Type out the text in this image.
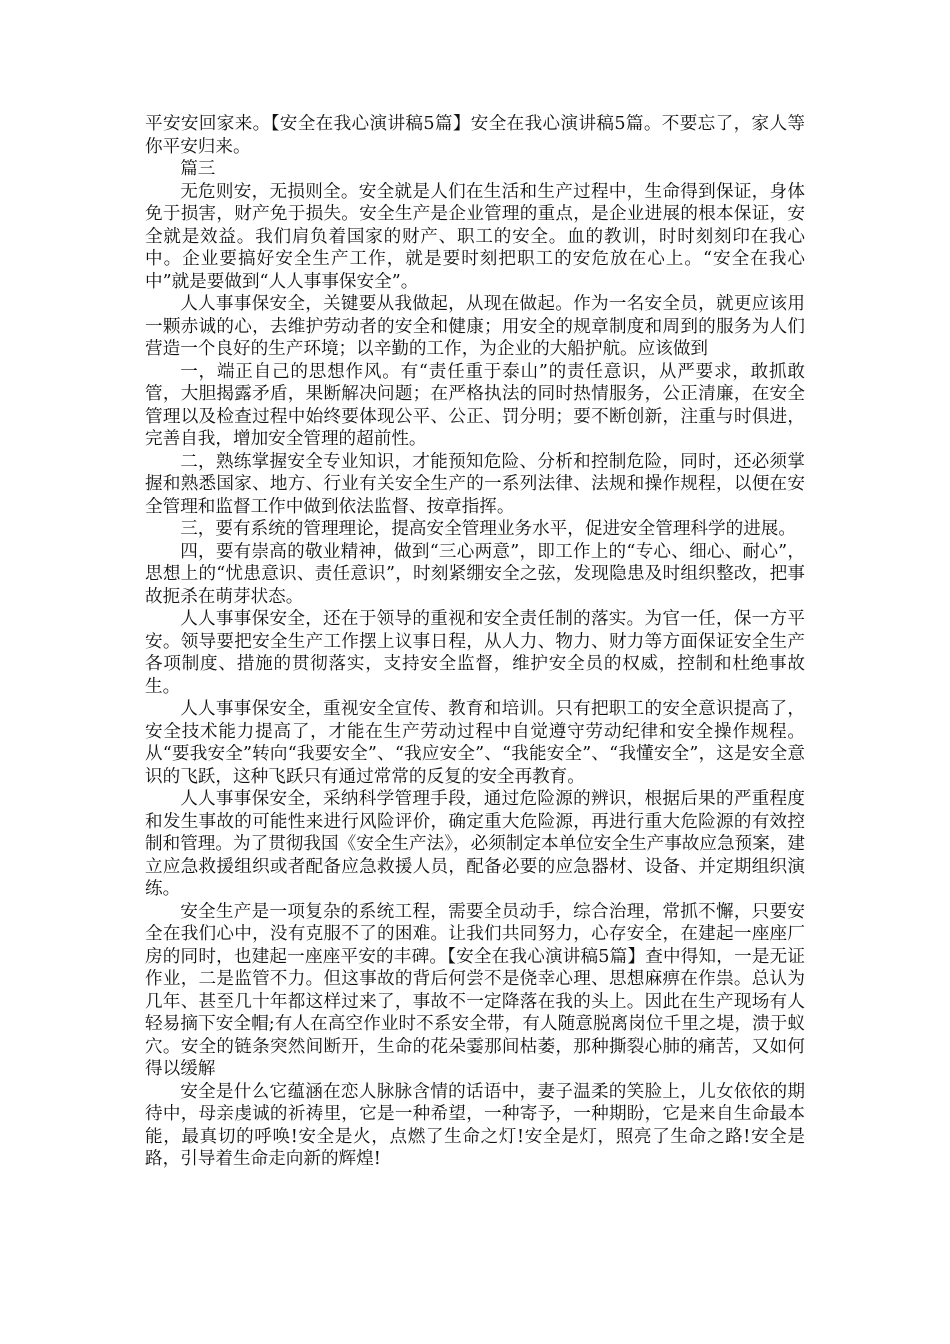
平安安回家来。【安全在我心演讲稿5篇】安全在我心演讲稿5篇。不要忘了，家人等你平安归来。

篇三

无危则安，无损则全。安全就是人们在生活和生产过程中，生命得到保证，身体免于损害，财产免于损失。安全生产是企业管理的重点，是企业进展的根本保证，安全就是效益。我们肩负着国家的财产、职工的安全。血的教训，时时刻刻印在我心中。企业要搞好安全生产工作，就是要时刻把职工的安危放在心上。“安全在我心中”就是要做到“人人事事保安全”。

人人事事保安全，关键要从我做起，从现在做起。作为一名安全员，就更应该用一颗赤诚的心，去维护劳动者的安全和健康；用安全的规章制度和周到的服务为人们营造一个良好的生产环境；以辛勤的工作，为企业的大船护航。应该做到

一，端正自己的思想作风。有“责任重于泰山”的责任意识，从严要求，敢抓敢管，大胆揭露矛盾，果断解决问题；在严格执法的同时热情服务，公正清廉，在安全管理以及检查过程中始终要体现公平、公正、罚分明；要不断创新，注重与时俱进，完善自我，增加安全管理的超前性。

二，熟练掌握安全专业知识，才能预知危险、分析和控制危险，同时，还必须掌握和熟悉国家、地方、行业有关安全生产的一系列法律、法规和操作规程，以便在安全管理和监督工作中做到依法监督、按章指挥。

三，要有系统的管理理论，提高安全管理业务水平，促进安全管理科学的进展。

四，要有崇高的敬业精神，做到“三心两意”，即工作上的“专心、细心、耐心”，思想上的“忧患意识、责任意识”，时刻紧绷安全之弦，发现隐患及时组织整改，把事故扼杀在萌芽状态。

人人事事保安全，还在于领导的重视和安全责任制的落实。为官一任，保一方平安。领导要把安全生产工作摆上议事日程，从人力、物力、财力等方面保证安全生产各项制度、措施的贯彻落实，支持安全监督，维护安全员的权威，控制和杜绝事故生。

人人事事保安全，重视安全宣传、教育和培训。只有把职工的安全意识提高了，安全技术能力提高了，才能在生产劳动过程中自觉遵守劳动纪律和安全操作规程。从“要我安全”转向“我要安全”、“我应安全”、“我能安全”、“我懂安全”，这是安全意识的飞跃，这种飞跃只有通过常常的反复的安全再教育。

人人事事保安全，采纳科学管理手段，通过危险源的辨识，根据后果的严重程度和发生事故的可能性来进行风险评价，确定重大危险源，再进行重大危险源的有效控制和管理。为了贯彻我国《安全生产法》，必须制定本单位安全生产事故应急预案，建立应急救援组织或者配备应急救援人员，配备必要的应急器材、设备、并定期组织演练。

安全生产是一项复杂的系统工程，需要全员动手，综合治理，常抓不懈，只要安全在我们心中，没有克服不了的困难。让我们共同努力，心存安全，在建起一座座厂房的同时，也建起一座座平安的丰碑。【安全在我心演讲稿5篇】查中得知，一是无证作业，二是监管不力。但这事故的背后何尝不是侥幸心理、思想麻痹在作祟。总认为几年、甚至几十年都这样过来了，事故不一定降落在我的头上。因此在生产现场有人轻易摘下安全帽;有人在高空作业时不系安全带，有人随意脱离岗位千里之堤，溃于蚁穴。安全的链条突然间断开，生命的花朵霎那间枯萎，那种撕裂心肺的痛苦，又如何得以缓解

安全是什么它蕴涵在恋人脉脉含情的话语中，妻子温柔的笑脸上，儿女依依的期待中，母亲虔诚的祈祷里，它是一种希望，一种寄予，一种期盼，它是来自生命最本能，最真切的呼唤!安全是火，点燃了生命之灯!安全是灯，照亮了生命之路!安全是路，引导着生命走向新的辉煌!
